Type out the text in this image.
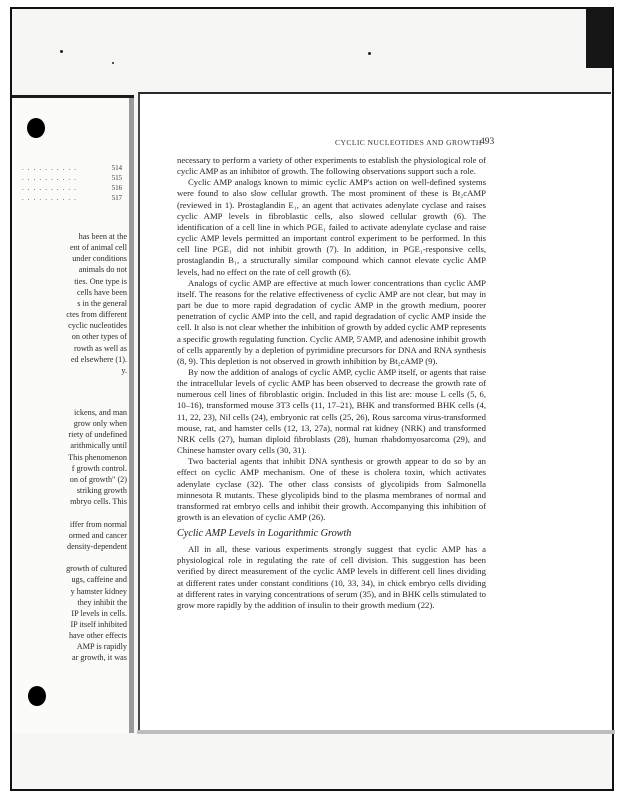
. . . . . . . . . .	514
. . . . . . . . . .	515
. . . . . . . . . .	516
. . . . . . . . . .	517
has been at the
ent of animal cell
under conditions
animals do not
ties. One type is
cells have been
s in the general
ctes from different
cyclic nucleotides
on other types of
rowth as well as
ed elsewhere (1).
y.
ickens, and man
grow only when
riety of undefined
arithmically until
This phenomenon
f growth control.
on of growth" (2)
striking growth
mbryo cells. This

iffer from normal
ormed and cancer
density-dependent

growth of cultured
ugs, caffeine and
y hamster kidney
they inhibit the
IP levels in cells.
IP itself inhibited
have other effects
AMP is rapidly
ar growth, it was
CYCLIC NUCLEOTIDES AND GROWTH
493

necessary to perform a variety of other experiments to establish the physiological role of cyclic AMP as an inhibitor of growth. The following observations support such a role.

Cyclic AMP analogs known to mimic cyclic AMP's action on well-defined systems were found to also slow cellular growth. The most prominent of these is Bt₂cAMP (reviewed in 1). Prostaglandin E₁, an agent that activates adenylate cyclase and raises cyclic AMP levels in fibroblastic cells, also slowed cellular growth (6). The identification of a cell line in which PGE₁ failed to activate adenylate cyclase and raise cyclic AMP levels permitted an important control experiment to be performed. In this cell line PGE₁ did not inhibit growth (7). In addition, in PGE₁-responsive cells, prostaglandin B₁, a structurally similar compound which cannot elevate cyclic AMP levels, had no effect on the rate of cell growth (6).

Analogs of cyclic AMP are effective at much lower concentrations than cyclic AMP itself. The reasons for the relative effectiveness of cyclic AMP are not clear, but may in part be due to more rapid degradation of cyclic AMP in the growth medium, poorer penetration of cyclic AMP into the cell, and rapid degradation of cyclic AMP inside the cell. It also is not clear whether the inhibition of growth by added cyclic AMP represents a specific growth regulating function. Cyclic AMP, 5'AMP, and adenosine inhibit growth of cells apparently by a depletion of pyrimidine precursors for DNA and RNA synthesis (8, 9). This depletion is not observed in growth inhibition by Bt₂cAMP (9).

By now the addition of analogs of cyclic AMP, cyclic AMP itself, or agents that raise the intracellular levels of cyclic AMP has been observed to decrease the growth rate of numerous cell lines of fibroblastic origin. Included in this list are: mouse L cells (5, 6, 10–16), transformed mouse 3T3 cells (11, 17–21), BHK and transformed BHK cells (4, 11, 22, 23), Nil cells (24), embryonic rat cells (25, 26), Rous sarcoma virus-transformed mouse, rat, and hamster cells (12, 13, 27a), normal rat kidney (NRK) and transformed NRK cells (27), human diploid fibroblasts (28), human rhabdomyosarcoma (29), and Chinese hamster ovary cells (30, 31).

Two bacterial agents that inhibit DNA synthesis or growth appear to do so by an effect on cyclic AMP mechanism. One of these is cholera toxin, which activates adenylate cyclase (32). The other class consists of glycolipids from Salmonella minnesota R mutants. These glycolipids bind to the plasma membranes of normal and transformed rat embryo cells and inhibit their growth. Accompanying this inhibition of growth is an elevation of cyclic AMP (26).

Cyclic AMP Levels in Logarithmic Growth

All in all, these various experiments strongly suggest that cyclic AMP has a physiological role in regulating the rate of cell division. This suggestion has been verified by direct measurement of the cyclic AMP levels in different cell lines dividing at different rates under constant conditions (10, 33, 34), in chick embryo cells dividing at different rates in varying concentrations of serum (35), and in BHK cells stimulated to grow more rapidly by the addition of insulin to their growth medium (22).
